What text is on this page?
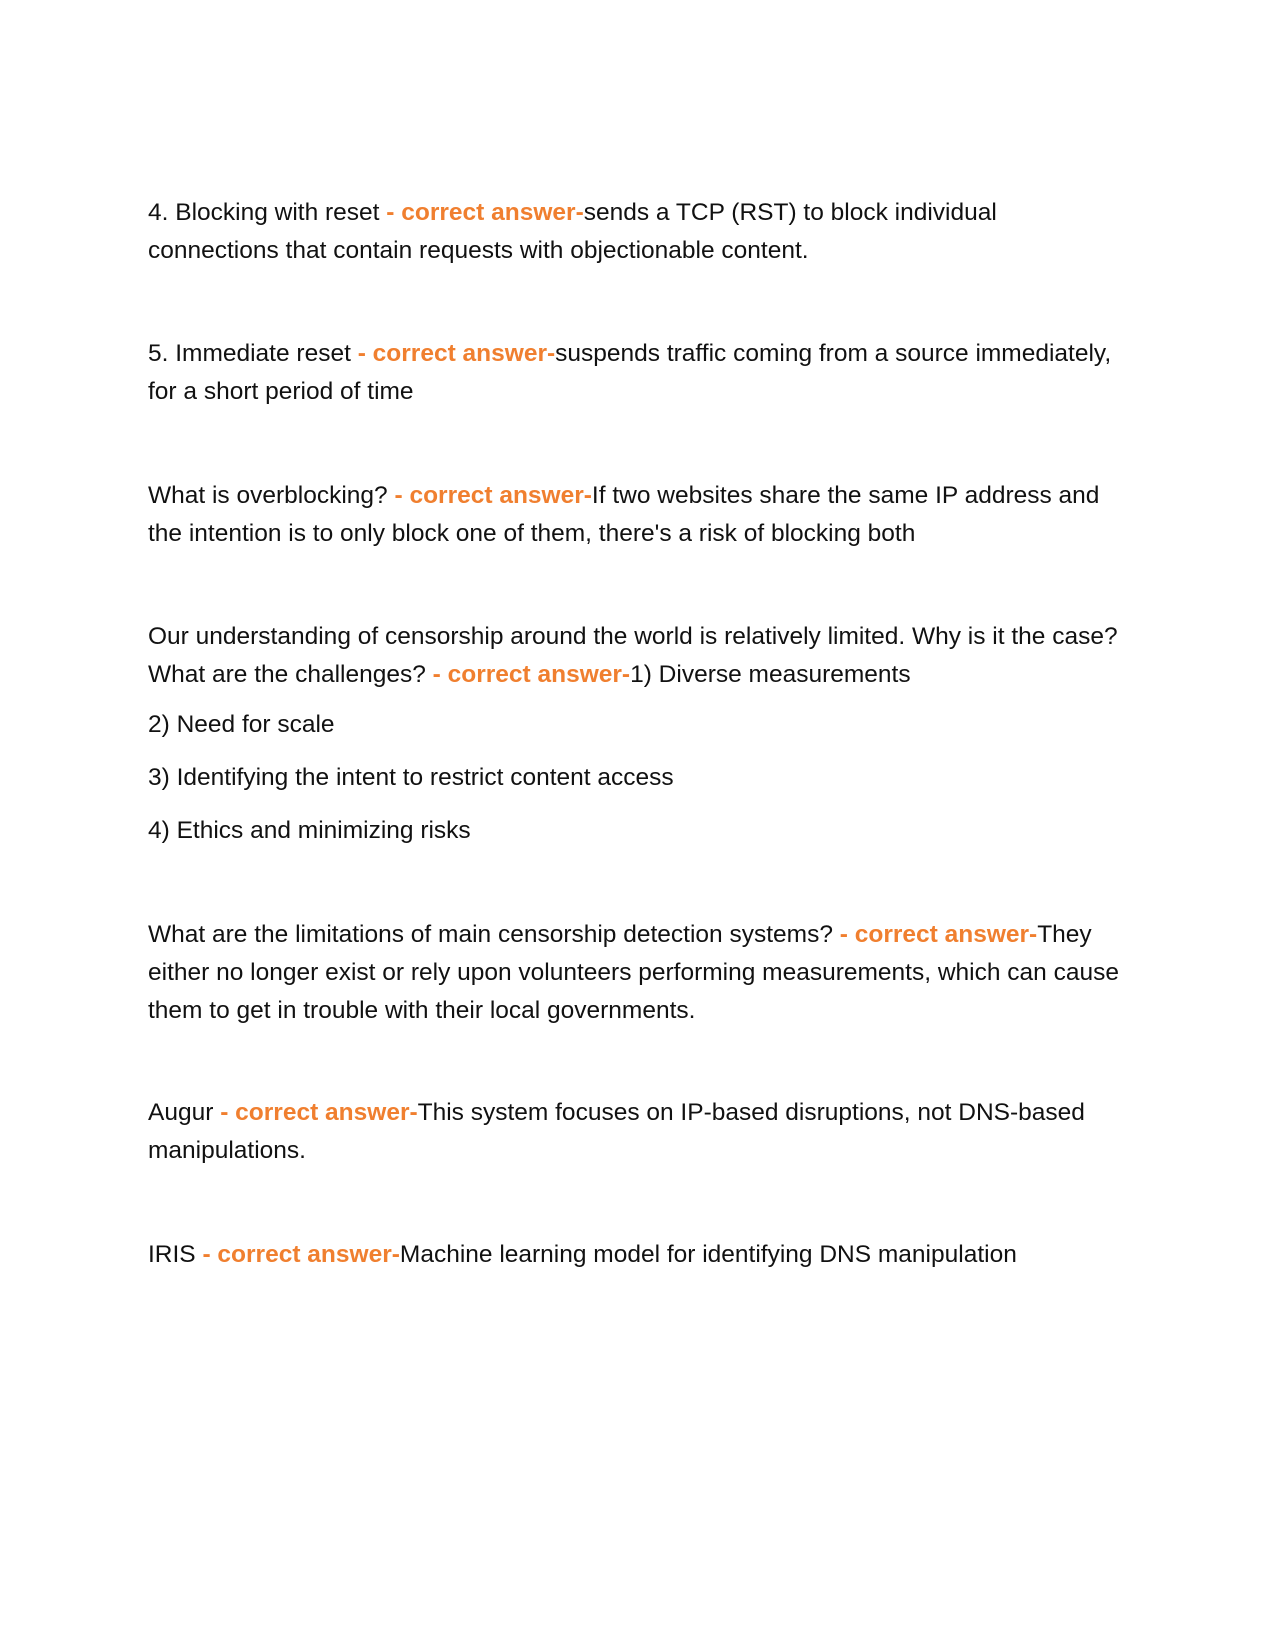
4. Blocking with reset - correct answer-sends a TCP (RST) to block individual connections that contain requests with objectionable content.

5. Immediate reset - correct answer-suspends traffic coming from a source immediately, for a short period of time

What is overblocking? - correct answer-If two websites share the same IP address and the intention is to only block one of them, there's a risk of blocking both

Our understanding of censorship around the world is relatively limited. Why is it the case? What are the challenges? - correct answer-1) Diverse measurements

2) Need for scale

3) Identifying the intent to restrict content access

4) Ethics and minimizing risks

What are the limitations of main censorship detection systems? - correct answer-They either no longer exist or rely upon volunteers performing measurements, which can cause them to get in trouble with their local governments.

Augur - correct answer-This system focuses on IP-based disruptions, not DNS-based manipulations.

IRIS - correct answer-Machine learning model for identifying DNS manipulation
